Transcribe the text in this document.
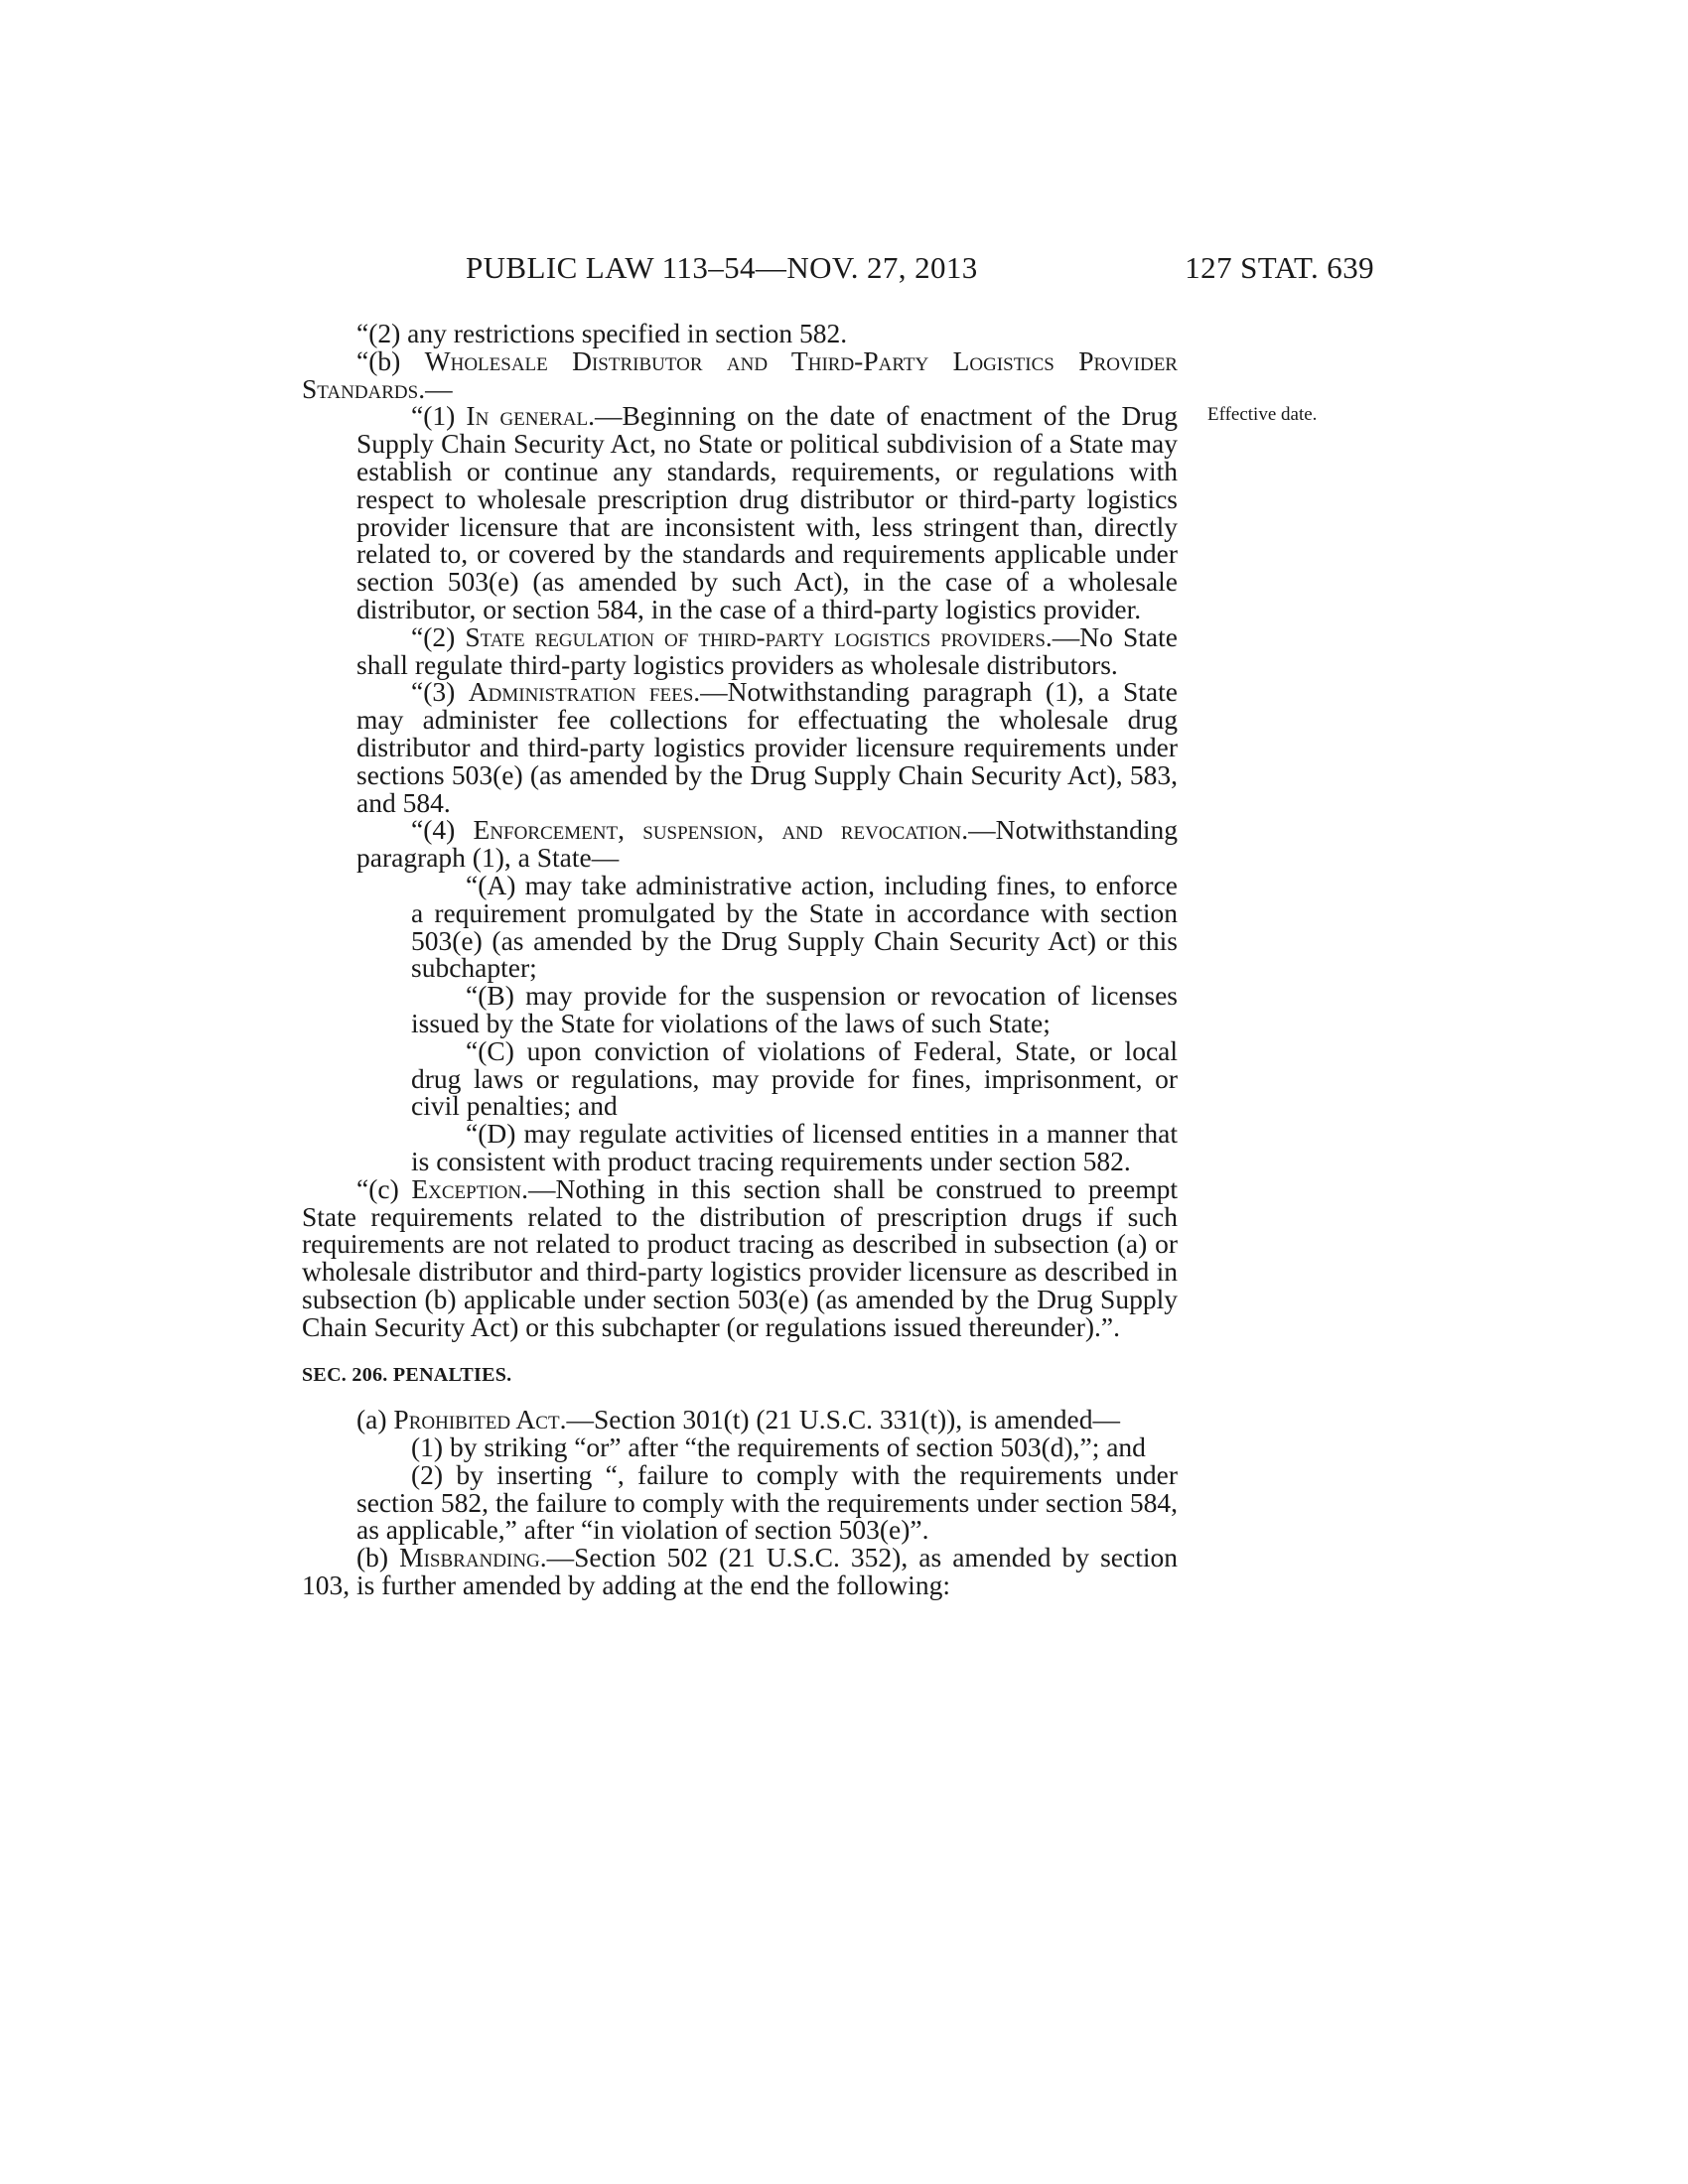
PUBLIC LAW 113–54—NOV. 27, 2013	127 STAT. 639
Effective date.

“(2) any restrictions specified in section 582.

“(b) Wholesale Distributor and Third-Party Logistics Provider Standards.—

“(1) In general.—Beginning on the date of enactment of the Drug Supply Chain Security Act, no State or political subdivision of a State may establish or continue any standards, requirements, or regulations with respect to wholesale prescription drug distributor or third-party logistics provider licensure that are inconsistent with, less stringent than, directly related to, or covered by the standards and requirements applicable under section 503(e) (as amended by such Act), in the case of a wholesale distributor, or section 584, in the case of a third-party logistics provider.

“(2) State regulation of third-party logistics providers.—No State shall regulate third-party logistics providers as wholesale distributors.

“(3) Administration fees.—Notwithstanding paragraph (1), a State may administer fee collections for effectuating the wholesale drug distributor and third-party logistics provider licensure requirements under sections 503(e) (as amended by the Drug Supply Chain Security Act), 583, and 584.

“(4) Enforcement, suspension, and revocation.—Notwithstanding paragraph (1), a State—

“(A) may take administrative action, including fines, to enforce a requirement promulgated by the State in accordance with section 503(e) (as amended by the Drug Supply Chain Security Act) or this subchapter;

“(B) may provide for the suspension or revocation of licenses issued by the State for violations of the laws of such State;

“(C) upon conviction of violations of Federal, State, or local drug laws or regulations, may provide for fines, imprisonment, or civil penalties; and

“(D) may regulate activities of licensed entities in a manner that is consistent with product tracing requirements under section 582.

“(c) Exception.—Nothing in this section shall be construed to preempt State requirements related to the distribution of prescription drugs if such requirements are not related to product tracing as described in subsection (a) or wholesale distributor and third-party logistics provider licensure as described in subsection (b) applicable under section 503(e) (as amended by the Drug Supply Chain Security Act) or this subchapter (or regulations issued thereunder).”.

SEC. 206. PENALTIES.

(a) Prohibited Act.—Section 301(t) (21 U.S.C. 331(t)), is amended—

(1) by striking “or” after “the requirements of section 503(d),”; and

(2) by inserting “, failure to comply with the requirements under section 582, the failure to comply with the requirements under section 584, as applicable,” after “in violation of section 503(e)”.

(b) Misbranding.—Section 502 (21 U.S.C. 352), as amended by section 103, is further amended by adding at the end the following:
